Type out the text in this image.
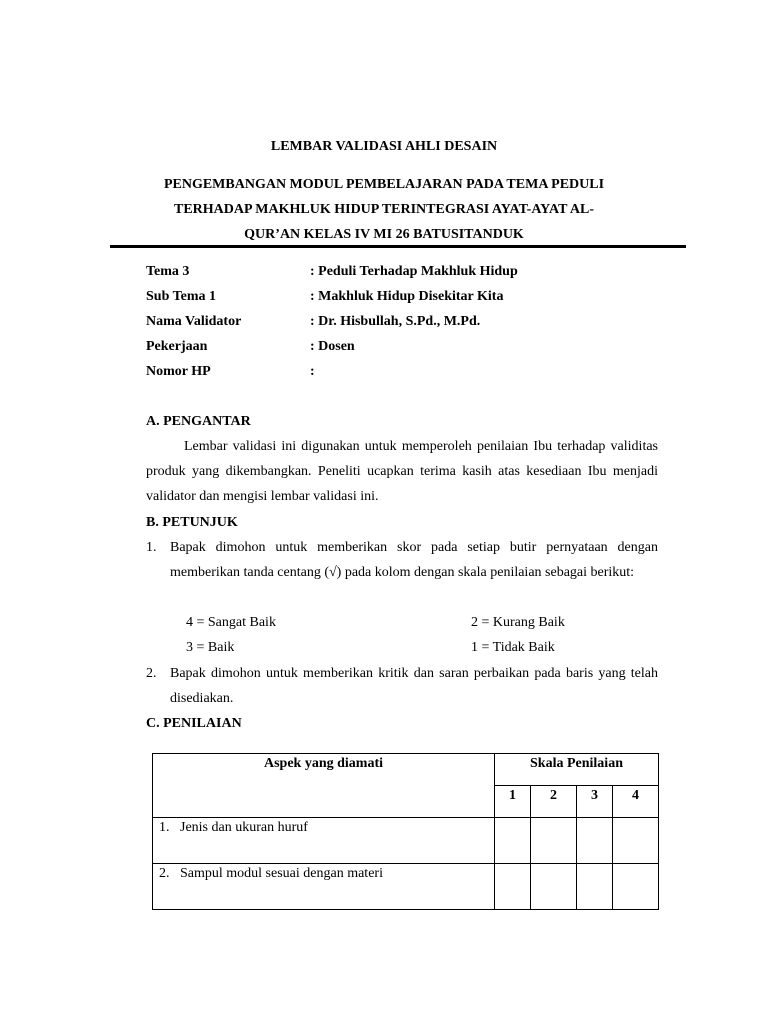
LEMBAR VALIDASI AHLI DESAIN
PENGEMBANGAN MODUL PEMBELAJARAN PADA TEMA PEDULI
TERHADAP MAKHLUK HIDUP TERINTEGRASI AYAT-AYAT AL-
QUR’AN KELAS IV MI 26 BATUSITANDUK
Tema 3	: Peduli Terhadap Makhluk Hidup
Sub Tema 1	: Makhluk Hidup Disekitar Kita
Nama Validator	: Dr. Hisbullah, S.Pd., M.Pd.
Pekerjaan	: Dosen
Nomor HP	:
A. PENGANTAR
Lembar validasi ini digunakan untuk memperoleh penilaian Ibu terhadap validitas produk yang dikembangkan. Peneliti ucapkan terima kasih atas kesediaan Ibu menjadi validator dan mengisi lembar validasi ini.
B. PETUNJUK
1. Bapak dimohon untuk memberikan skor pada setiap butir pernyataan dengan memberikan tanda centang (√) pada kolom dengan skala penilaian sebagai berikut:
4 = Sangat Baik	2 = Kurang Baik
3 = Baik	1 = Tidak Baik
2. Bapak dimohon untuk memberikan kritik dan saran perbaikan pada baris yang telah disediakan.
C. PENILAIAN
Aspek yang diamati	Skala Penilaian			
	1	2	3	4
1.   Jenis dan ukuran huruf				
2.   Sampul modul sesuai dengan materi				
